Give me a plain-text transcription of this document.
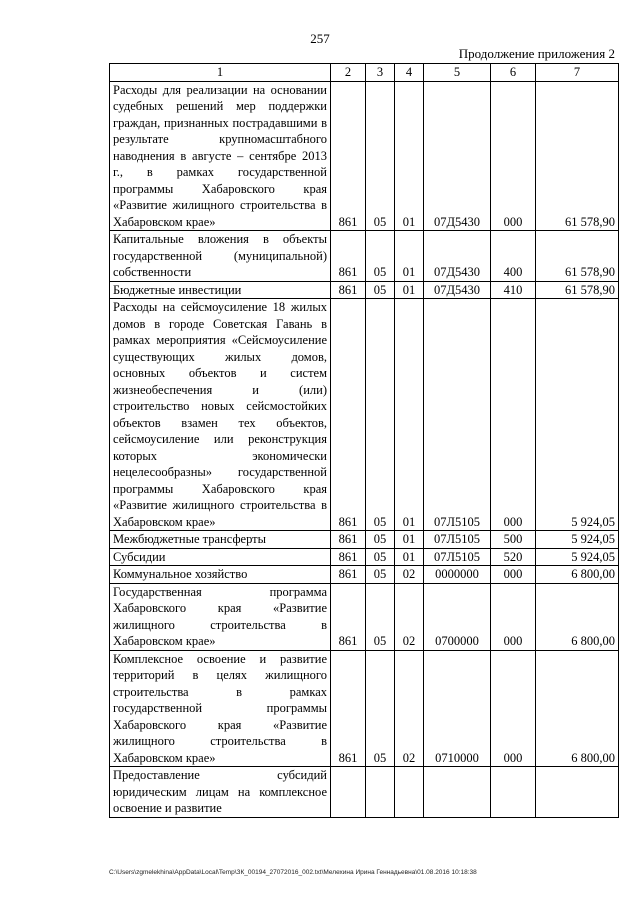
257
Продолжение приложения 2
1	2	3	4	5	6	7
Расходы для реализации на основании судебных решений мер поддержки граждан, признанных пострадавшими в результате крупномасштабного наводнения в августе – сентябре 2013 г., в рамках государственной программы Хабаровского края «Развитие жилищного строительства в Хабаровском крае»	861	05	01	07Д5430	000	61 578,90
Капитальные вложения в объекты государственной (муниципальной) собственности	861	05	01	07Д5430	400	61 578,90
Бюджетные инвестиции	861	05	01	07Д5430	410	61 578,90
Расходы на сейсмоусиление 18 жилых домов в городе Советская Гавань в рамках мероприятия «Сейсмоусиление существующих жилых домов, основных объектов и систем жизнеобеспечения и (или) строительство новых сейсмостойких объектов взамен тех объектов, сейсмоусиление или реконструкция которых экономически нецелесообразны» государственной программы Хабаровского края «Развитие жилищного строительства в Хабаровском крае»	861	05	01	07Л5105	000	5 924,05
Межбюджетные трансферты	861	05	01	07Л5105	500	5 924,05
Субсидии	861	05	01	07Л5105	520	5 924,05
Коммунальное хозяйство	861	05	02	0000000	000	6 800,00
Государственная программа Хабаровского края «Развитие жилищного строительства в Хабаровском крае»	861	05	02	0700000	000	6 800,00
Комплексное освоение и развитие территорий в целях жилищного строительства в рамках государственной программы Хабаровского края «Развитие жилищного строительства в Хабаровском крае»	861	05	02	0710000	000	6 800,00
Предоставление субсидий юридическим лицам на комплексное освоение и развитие						
C:\Users\zgmelekhina\AppData\Local\Temp\ЗК_00194_27072016_002.txt\Мелехина Ирина Геннадьевна\01.08.2016 10:18:38
